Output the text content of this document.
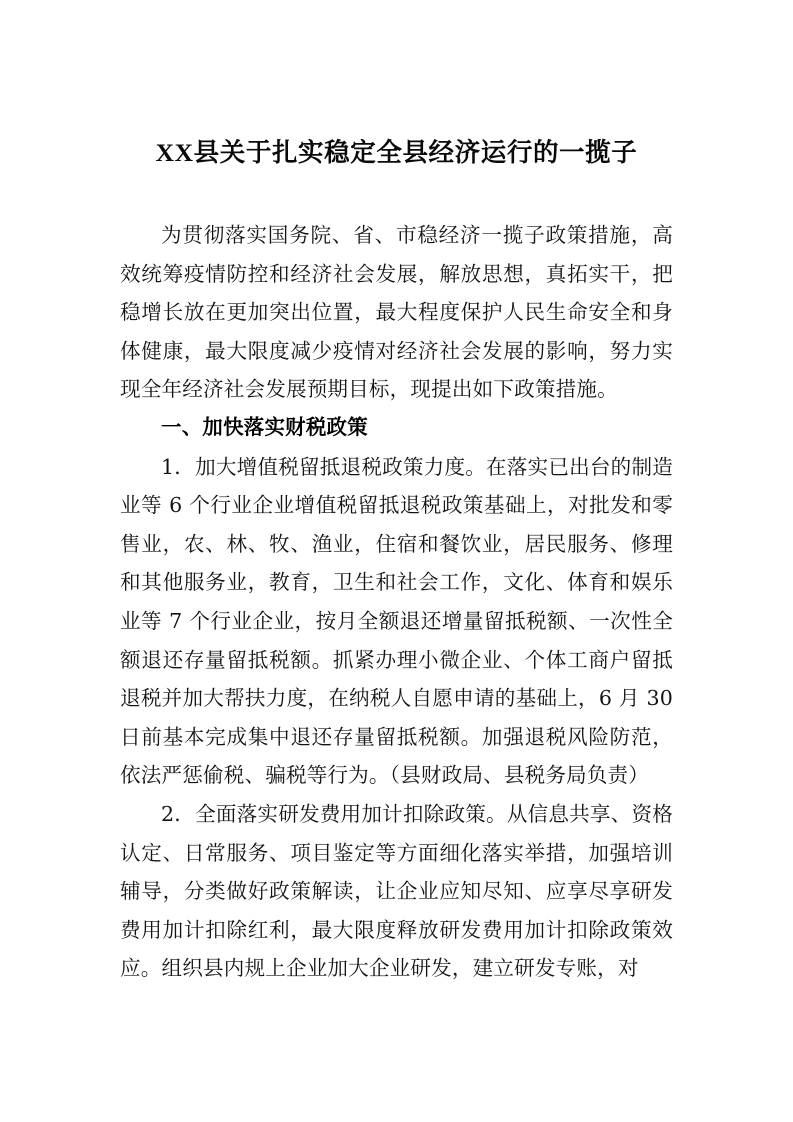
XX县关于扎实稳定全县经济运行的一揽子

为贯彻落实国务院、省、市稳经济一揽子政策措施，高效统筹疫情防控和经济社会发展，解放思想，真拓实干，把稳增长放在更加突出位置，最大程度保护人民生命安全和身体健康，最大限度减少疫情对经济社会发展的影响，努力实现全年经济社会发展预期目标，现提出如下政策措施。

一、加快落实财税政策

1．加大增值税留抵退税政策力度。在落实已出台的制造业等 6 个行业企业增值税留抵退税政策基础上，对批发和零售业，农、林、牧、渔业，住宿和餐饮业，居民服务、修理和其他服务业，教育，卫生和社会工作，文化、体育和娱乐业等 7 个行业企业，按月全额退还增量留抵税额、一次性全额退还存量留抵税额。抓紧办理小微企业、个体工商户留抵退税并加大帮扶力度，在纳税人自愿申请的基础上，6 月 30 日前基本完成集中退还存量留抵税额。加强退税风险防范，依法严惩偷税、骗税等行为。（县财政局、县税务局负责）

2．全面落实研发费用加计扣除政策。从信息共享、资格认定、日常服务、项目鉴定等方面细化落实举措，加强培训辅导，分类做好政策解读，让企业应知尽知、应享尽享研发费用加计扣除红利，最大限度释放研发费用加计扣除政策效应。组织县内规上企业加大企业研发，建立研发专账，对
